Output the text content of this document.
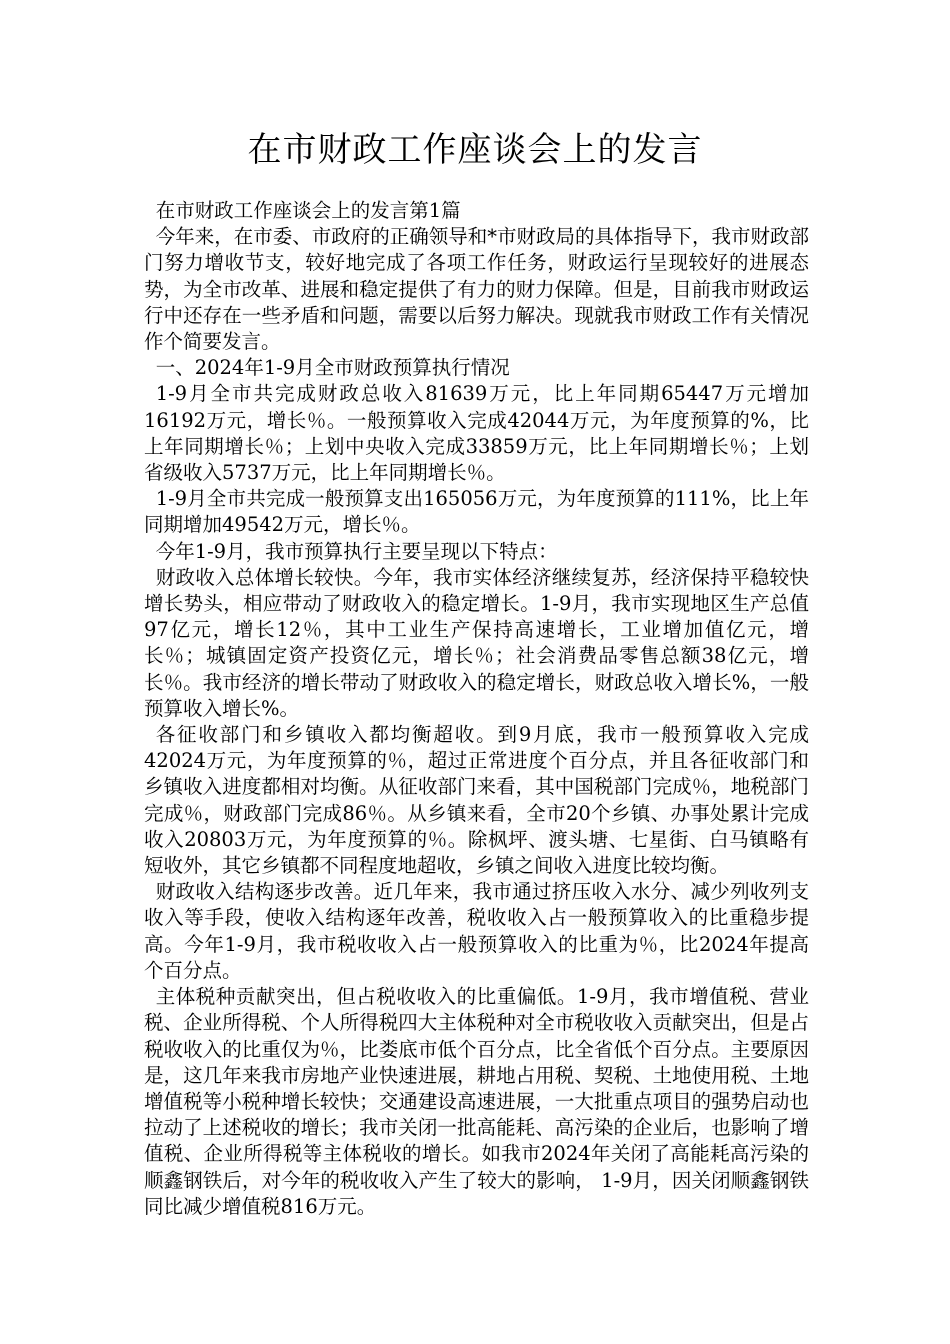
在市财政工作座谈会上的发言

在市财政工作座谈会上的发言第1篇

今年来，在市委、市政府的正确领导和*市财政局的具体指导下，我市财政部门努力增收节支，较好地完成了各项工作任务，财政运行呈现较好的进展态势，为全市改革、进展和稳定提供了有力的财力保障。但是，目前我市财政运行中还存在一些矛盾和问题，需要以后努力解决。现就我市财政工作有关情况作个简要发言。

一、2024年1-9月全市财政预算执行情况

1-9月全市共完成财政总收入81639万元，比上年同期65447万元增加16192万元，增长％。一般预算收入完成42044万元，为年度预算的%，比上年同期增长％；上划中央收入完成33859万元，比上年同期增长％；上划省级收入5737万元，比上年同期增长％。

1-9月全市共完成一般预算支出165056万元，为年度预算的111%，比上年同期增加49542万元，增长％。

今年1-9月，我市预算执行主要呈现以下特点：

财政收入总体增长较快。今年，我市实体经济继续复苏，经济保持平稳较快增长势头，相应带动了财政收入的稳定增长。1-9月，我市实现地区生产总值97亿元，增长12％，其中工业生产保持高速增长，工业增加值亿元，增长％；城镇固定资产投资亿元，增长％；社会消费品零售总额38亿元，增长％。我市经济的增长带动了财政收入的稳定增长，财政总收入增长%，一般预算收入增长%。

各征收部门和乡镇收入都均衡超收。到9月底，我市一般预算收入完成42024万元，为年度预算的％，超过正常进度个百分点，并且各征收部门和乡镇收入进度都相对均衡。从征收部门来看，其中国税部门完成％，地税部门完成％，财政部门完成86％。从乡镇来看，全市20个乡镇、办事处累计完成收入20803万元，为年度预算的％。除枫坪、渡头塘、七星街、白马镇略有短收外，其它乡镇都不同程度地超收，乡镇之间收入进度比较均衡。

财政收入结构逐步改善。近几年来，我市通过挤压收入水分、减少列收列支收入等手段，使收入结构逐年改善，税收收入占一般预算收入的比重稳步提高。今年1-9月，我市税收收入占一般预算收入的比重为％，比2024年提高个百分点。

主体税种贡献突出，但占税收收入的比重偏低。1-9月，我市增值税、营业税、企业所得税、个人所得税四大主体税种对全市税收收入贡献突出，但是占税收收入的比重仅为％，比娄底市低个百分点，比全省低个百分点。主要原因是，这几年来我市房地产业快速进展，耕地占用税、契税、土地使用税、土地增值税等小税种增长较快；交通建设高速进展，一大批重点项目的强势启动也拉动了上述税收的增长；我市关闭一批高能耗、高污染的企业后，也影响了增值税、企业所得税等主体税收的增长。如我市2024年关闭了高能耗高污染的顺鑫钢铁后，对今年的税收收入产生了较大的影响， 1-9月，因关闭顺鑫钢铁同比减少增值税816万元。
